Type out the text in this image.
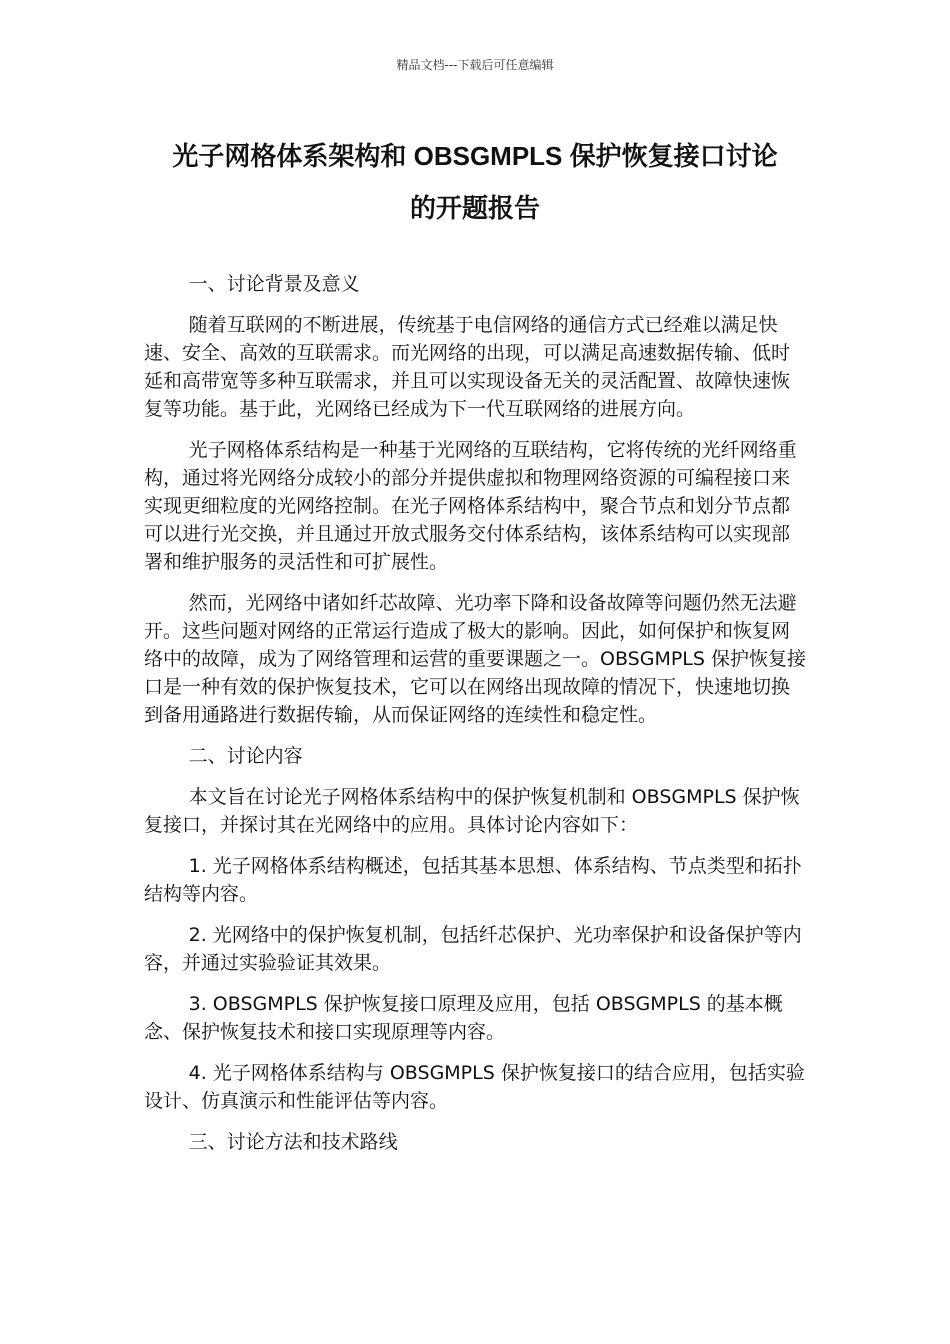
精品文档---下载后可任意编辑
光子网格体系架构和 OBSGMPLS 保护恢复接口讨论
的开题报告

一、讨论背景及意义

随着互联网的不断进展，传统基于电信网络的通信方式已经难以满足快速、安全、高效的互联需求。而光网络的出现，可以满足高速数据传输、低时延和高带宽等多种互联需求，并且可以实现设备无关的灵活配置、故障快速恢复等功能。基于此，光网络已经成为下一代互联网络的进展方向。

光子网格体系结构是一种基于光网络的互联结构，它将传统的光纤网络重构，通过将光网络分成较小的部分并提供虚拟和物理网络资源的可编程接口来实现更细粒度的光网络控制。在光子网格体系结构中，聚合节点和划分节点都可以进行光交换，并且通过开放式服务交付体系结构，该体系结构可以实现部署和维护服务的灵活性和可扩展性。

然而，光网络中诸如纤芯故障、光功率下降和设备故障等问题仍然无法避开。这些问题对网络的正常运行造成了极大的影响。因此，如何保护和恢复网络中的故障，成为了网络管理和运营的重要课题之一。OBSGMPLS 保护恢复接口是一种有效的保护恢复技术，它可以在网络出现故障的情况下，快速地切换到备用通路进行数据传输，从而保证网络的连续性和稳定性。

二、讨论内容

本文旨在讨论光子网格体系结构中的保护恢复机制和 OBSGMPLS 保护恢复接口，并探讨其在光网络中的应用。具体讨论内容如下：

1. 光子网格体系结构概述，包括其基本思想、体系结构、节点类型和拓扑结构等内容。

2. 光网络中的保护恢复机制，包括纤芯保护、光功率保护和设备保护等内容，并通过实验验证其效果。

3. OBSGMPLS 保护恢复接口原理及应用，包括 OBSGMPLS 的基本概念、保护恢复技术和接口实现原理等内容。

4. 光子网格体系结构与 OBSGMPLS 保护恢复接口的结合应用，包括实验设计、仿真演示和性能评估等内容。

三、讨论方法和技术路线
